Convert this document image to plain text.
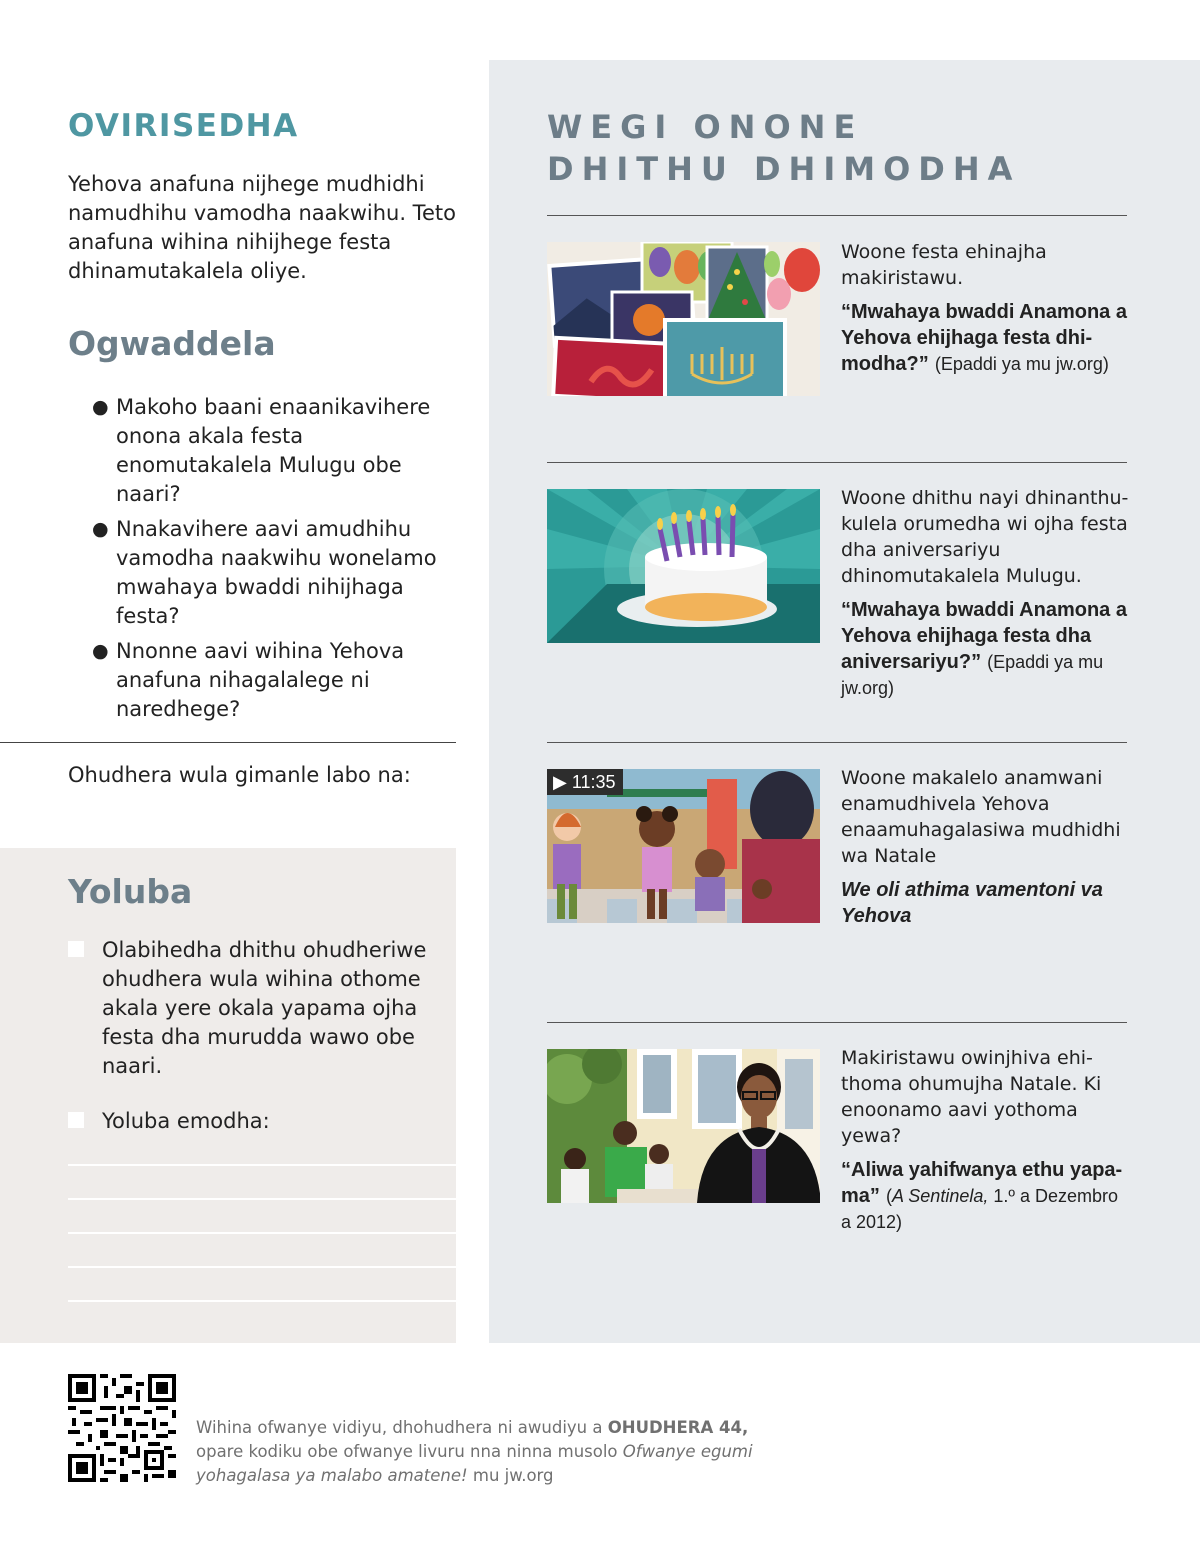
OVIRISEDHA

Yehova anafuna nijhege mudhidhi namudhihu vamodha naakwihu. Teto anafuna wihina nihijhege festa dhinamutakalela oliye.

Ogwaddela
● Makoho baani enaanikavihere onona akala festa enomutakalela Mulugu obe naari?
● Nnakavihere aavi amudhihu vamodha naakwihu wonelamo mwahaya bwaddi nihijhaga festa?
● Nnonne aavi wihina Yehova anafuna nihagalalege ni naredhege?

Ohudhera wula gimanle labo na:

Yoluba
Olabihedha dhithu ohudheriwe ohudhera wula wihina othome akala yere okala yapama ojha festa dha murudda wawo obe naari.
Yoluba emodha:
WEGI ONONE
DHITHU DHIMODHA
Woone festa ehinajha makiristawu.
“Mwahaya bwaddi Anamona a Yehova ehijhaga festa dhimodha?” (Epaddi ya mu jw.org)
Woone dhithu nayi dhinanthukulela orumedha wi ojha festa dha aniversariyu dhinomutakalela Mulugu.
“Mwahaya bwaddi Anamona a Yehova ehijhaga festa dha aniversariyu?” (Epaddi ya mu jw.org)
▶ 11:35	Woone makalelo anamwani enamudhivela Yehova enaamuhagalasiwa mudhidhi wa Natale
We oli athima vamentoni va Yehova
Makiristawu owinjhiva ehithoma ohumujha Natale. Ki enoonamo aavi yothoma yewa?
“Aliwa yahifwanya ethu yapama” (A Sentinela, 1.º a Dezembro a 2012)

Wihina ofwanye vidiyu, dhohudhera ni awudiyu a OHUDHERA 44,
opare kodiku obe ofwanye livuru nna ninna musolo Ofwanye egumi yohagalasa ya malabo amatene! mu jw.org
